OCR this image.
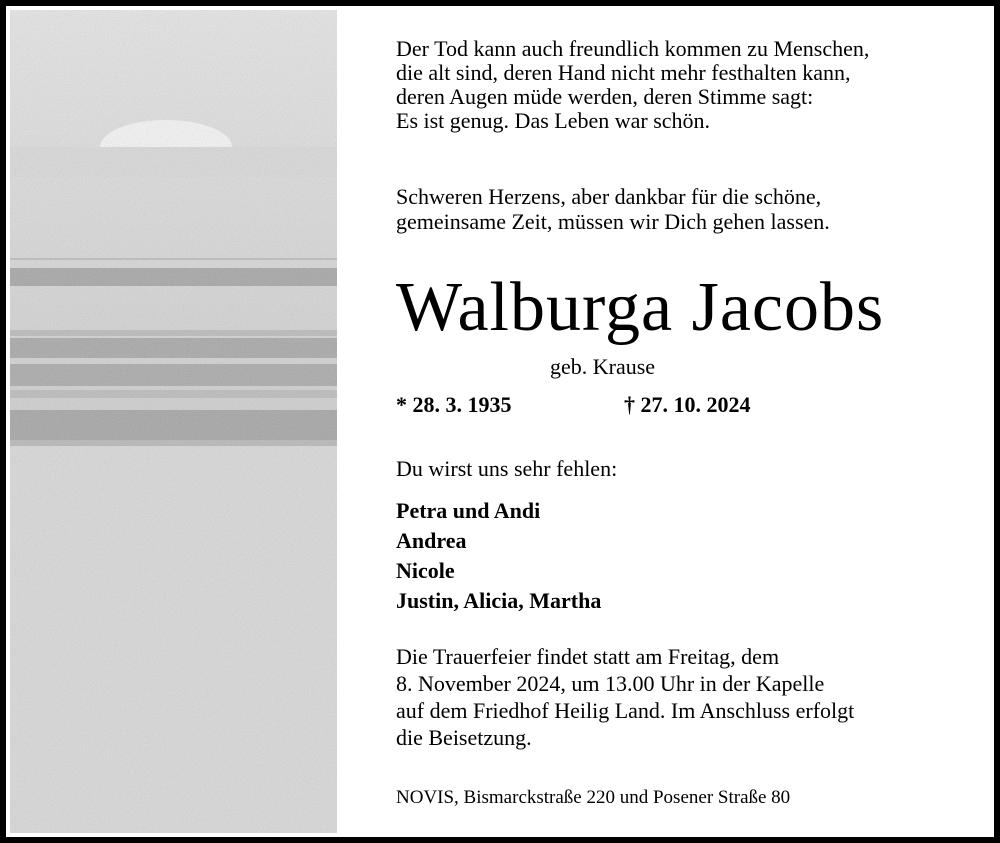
Der Tod kann auch freundlich kommen zu Menschen,
die alt sind, deren Hand nicht mehr festhalten kann,
deren Augen müde werden, deren Stimme sagt:
Es ist genug. Das Leben war schön.
Schweren Herzens, aber dankbar für die schöne,
gemeinsame Zeit, müssen wir Dich gehen lassen.
Walburga Jacobs
geb. Krause
* 28. 3. 1935	† 27. 10. 2024
Du wirst uns sehr fehlen:
Petra und Andi
Andrea
Nicole
Justin, Alicia, Martha
Die Trauerfeier findet statt am Freitag, dem
8. November 2024, um 13.00 Uhr in der Kapelle
auf dem Friedhof Heilig Land. Im Anschluss erfolgt
die Beisetzung.
NOVIS, Bismarckstraße 220 und Posener Straße 80
